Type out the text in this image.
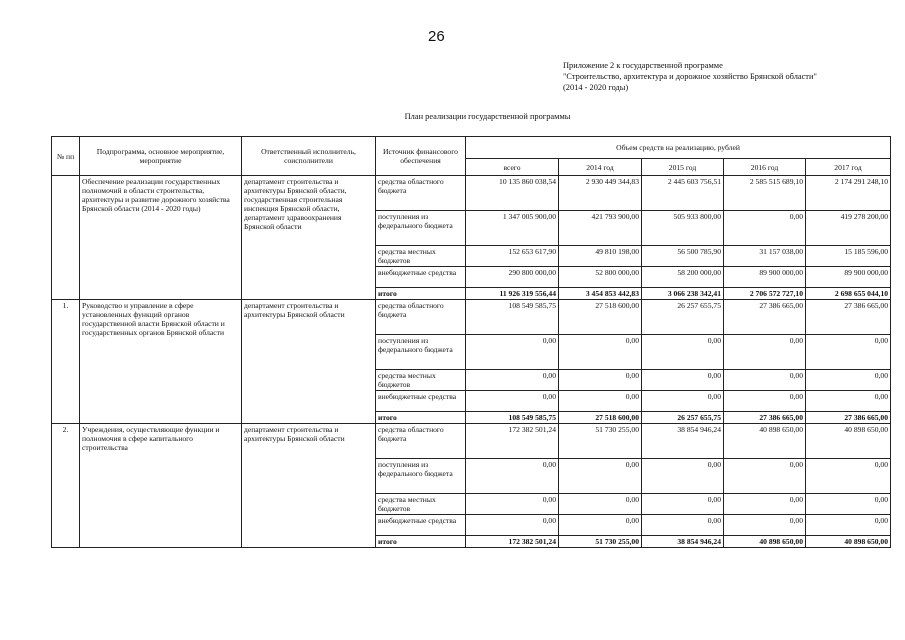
26
Приложение 2 к государственной программе
"Строительство, архитектура и дорожное хозяйство Брянской области"
(2014 - 2020 годы)
План реализации государственной программы
№ пп	Подпрограмма, основное мероприятие, мероприятие	Ответственный исполнитель, соисполнители	Источник финансового обеспечения	Объем средств на реализацию, рублей				
				всего	2014 год	2015 год	2016 год	2017 год
	Обеспечение реализации государственных полномочий в области строительства, архитектуры и развитие дорожного хозяйства Брянской области (2014 - 2020 годы)	департамент строительства и архитектуры Брянской области, государственная строительная инспекция Брянской области, департамент здравоохранения Брянской области	средства областного бюджета	10 135 860 038,54	2 930 449 344,83	2 445 603 756,51	2 585 515 689,10	2 174 291 248,10
			поступления из федерального бюджета	1 347 005 900,00	421 793 900,00	505 933 800,00	0,00	419 278 200,00
			средства местных бюджетов	152 653 617,90	49 810 198,00	56 500 785,90	31 157 038,00	15 185 596,00
			внебюджетные средства	290 800 000,00	52 800 000,00	58 200 000,00	89 900 000,00	89 900 000,00
			итого	11 926 319 556,44	3 454 853 442,83	3 066 238 342,41	2 706 572 727,10	2 698 655 044,10
1.	Руководство и управление в сфере установленных функций органов государственной власти Брянской области и государственных органов Брянской области	департамент строительства и архитектуры Брянской области	средства областного бюджета	108 549 585,75	27 518 600,00	26 257 655,75	27 386 665,00	27 386 665,00
			поступления из федерального бюджета	0,00	0,00	0,00	0,00	0,00
			средства местных бюджетов	0,00	0,00	0,00	0,00	0,00
			внебюджетные средства	0,00	0,00	0,00	0,00	0,00
			итого	108 549 585,75	27 518 600,00	26 257 655,75	27 386 665,00	27 386 665,00
2.	Учреждения, осуществляющие функции и полномочия в сфере капитального строительства	департамент строительства и архитектуры Брянской области	средства областного бюджета	172 382 501,24	51 730 255,00	38 854 946,24	40 898 650,00	40 898 650,00
			поступления из федерального бюджета	0,00	0,00	0,00	0,00	0,00
			средства местных бюджетов	0,00	0,00	0,00	0,00	0,00
			внебюджетные средства	0,00	0,00	0,00	0,00	0,00
			итого	172 382 501,24	51 730 255,00	38 854 946,24	40 898 650,00	40 898 650,00
